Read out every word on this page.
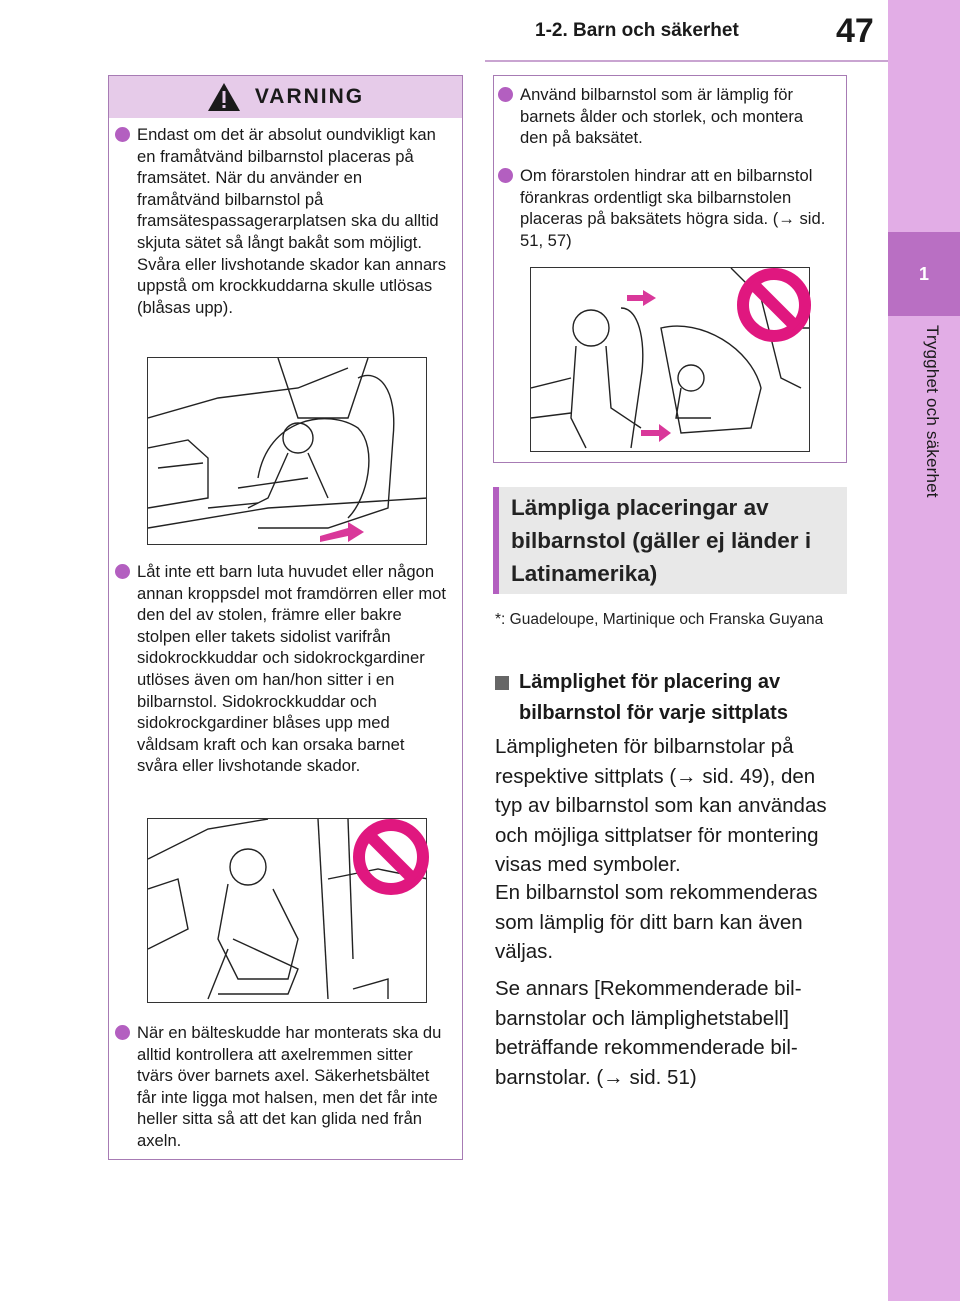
1-2. Barn och säkerhet	47
1
Trygghet och säkerhet
VARNING
Endast om det är absolut oundvikligt kan en framåtvänd bilbarnstol placeras på framsätet. När du använder en framåtvänd bilbarnstol på framsätespassagerarplatsen ska du alltid skjuta sätet så långt bakåt som möjligt. Svåra eller livshotande skador kan annars uppstå om krockkuddarna skulle utlösas (blåsas upp).
Låt inte ett barn luta huvudet eller någon annan kroppsdel mot framdörren eller mot den del av stolen, främre eller bakre stolpen eller takets sidolist varifrån sidokrockkuddar och sidokrockgardiner utlöses även om han/hon sitter i en bilbarnstol. Sidokrockkuddar och sidokrockgardiner blåses upp med våldsam kraft och kan orsaka barnet svåra eller livshotande skador.
När en bälteskudde har monterats ska du alltid kontrollera att axelremmen sitter tvärs över barnets axel. Säkerhetsbältet får inte ligga mot halsen, men det får inte heller sitta så att det kan glida ned från axeln.
Använd bilbarnstol som är lämplig för barnets ålder och storlek, och montera den på baksätet.
Om förarstolen hindrar att en bilbarnstol förankras ordentligt ska bilbarnstolen placeras på baksätets högra sida. (→ sid. 51, 57)
Lämpliga placeringar av bilbarnstol (gäller ej länder i Latinamerika)
*: Guadeloupe, Martinique och Franska Guyana
Lämplighet för placering av bilbarnstol för varje sittplats
Lämpligheten för bilbarnstolar på respektive sittplats (→ sid. 49), den typ av bilbarnstol som kan användas och möjliga sittplatser för montering visas med symboler.
En bilbarnstol som rekommenderas som lämplig för ditt barn kan även väljas.
Se annars [Rekommenderade bilbarnstolar och lämplighetstabell] beträffande rekommenderade bilbarnstolar. (→ sid. 51)
